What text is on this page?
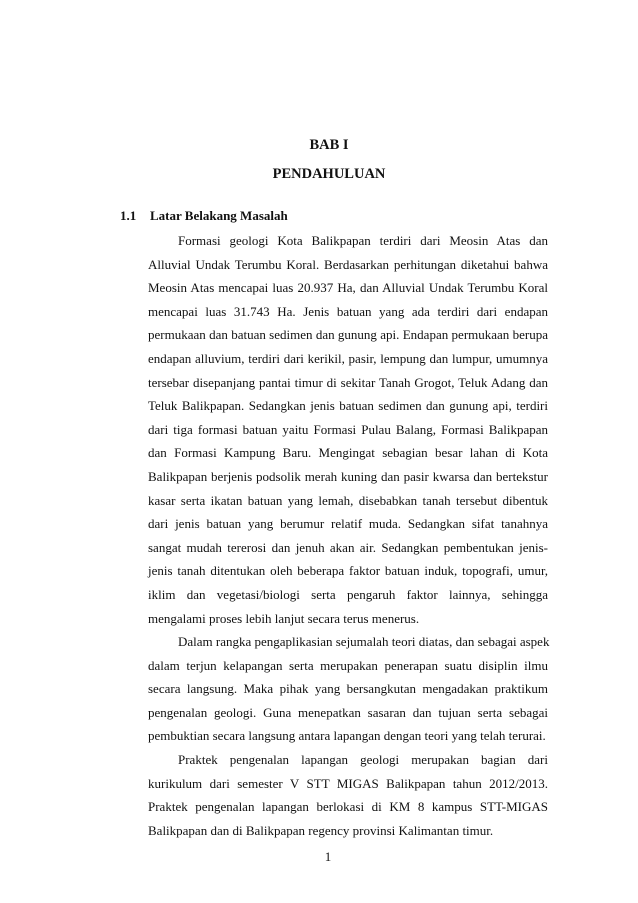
BAB I
PENDAHULUAN
1.1 Latar Belakang Masalah
Formasi geologi Kota Balikpapan terdiri dari Meosin Atas dan
Alluvial Undak Terumbu Koral. Berdasarkan perhitungan diketahui bahwa
Meosin Atas mencapai luas 20.937 Ha, dan Alluvial Undak Terumbu Koral
mencapai luas 31.743 Ha. Jenis batuan yang ada terdiri dari endapan
permukaan dan batuan sedimen dan gunung api. Endapan permukaan berupa
endapan alluvium, terdiri dari kerikil, pasir, lempung dan lumpur, umumnya
tersebar disepanjang pantai timur di sekitar Tanah Grogot, Teluk Adang dan
Teluk Balikpapan. Sedangkan jenis batuan sedimen dan gunung api, terdiri
dari tiga formasi batuan yaitu Formasi Pulau Balang, Formasi Balikpapan
dan Formasi Kampung Baru. Mengingat sebagian besar lahan di Kota
Balikpapan berjenis podsolik merah kuning dan pasir kwarsa dan bertekstur
kasar serta ikatan batuan yang lemah, disebabkan tanah tersebut dibentuk
dari jenis batuan yang berumur relatif muda. Sedangkan sifat tanahnya
sangat mudah tererosi dan jenuh akan air. Sedangkan pembentukan jenis-
jenis tanah ditentukan oleh beberapa faktor batuan induk, topografi, umur,
iklim dan vegetasi/biologi serta pengaruh faktor lainnya, sehingga
mengalami proses lebih lanjut secara terus menerus.
Dalam rangka pengaplikasian sejumalah teori diatas, dan sebagai aspek
dalam terjun kelapangan serta merupakan penerapan suatu disiplin ilmu
secara langsung. Maka pihak yang bersangkutan mengadakan praktikum
pengenalan geologi. Guna menepatkan sasaran dan tujuan serta sebagai
pembuktian secara langsung antara lapangan dengan teori yang telah terurai.
Praktek pengenalan lapangan geologi merupakan bagian dari
kurikulum dari semester V STT MIGAS Balikpapan tahun 2012/2013.
Praktek pengenalan lapangan berlokasi di KM 8 kampus STT-MIGAS
Balikpapan dan di Balikpapan regency provinsi Kalimantan timur.
1
